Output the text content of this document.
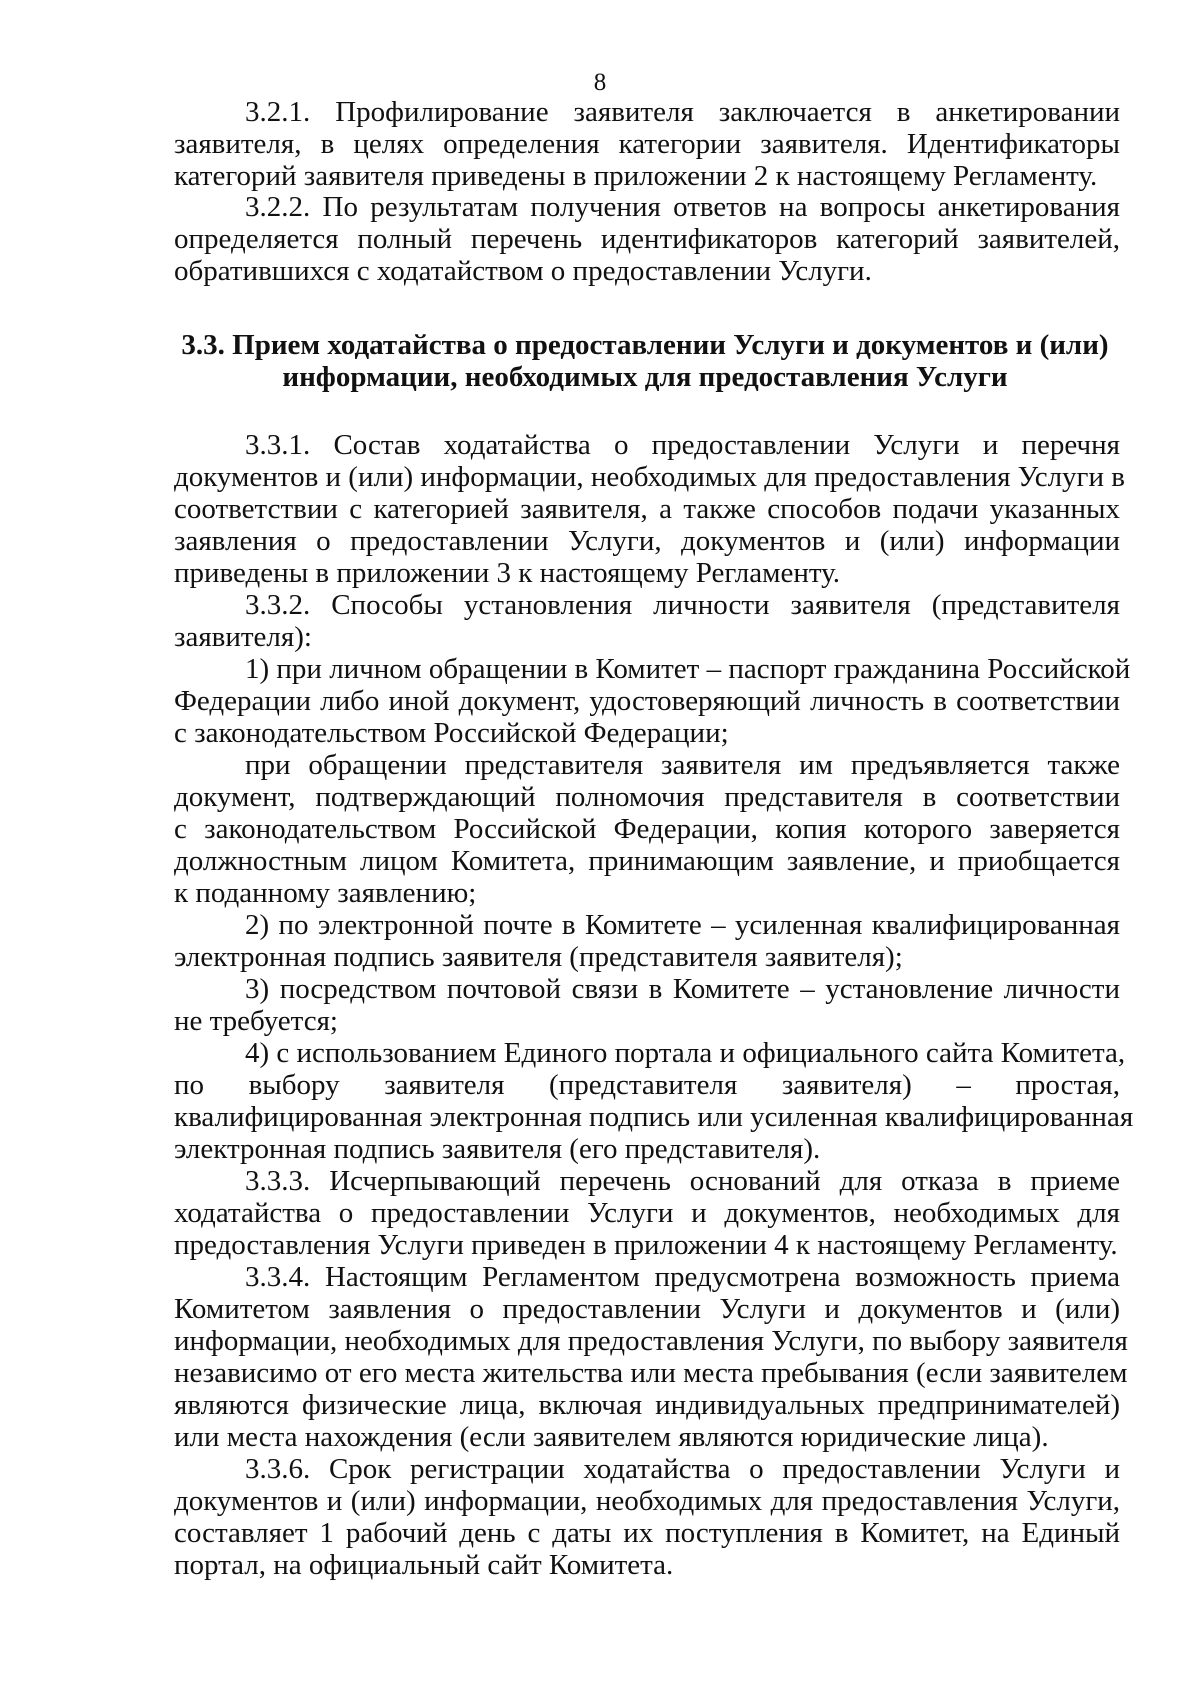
8
3.2.1. Профилирование заявителя заключается в анкетировании
заявителя, в целях определения категории заявителя. Идентификаторы
категорий заявителя приведены в приложении 2 к настоящему Регламенту.
3.2.2. По результатам получения ответов на вопросы анкетирования
определяется полный перечень идентификаторов категорий заявителей,
обратившихся с ходатайством о предоставлении Услуги.
3.3. Прием ходатайства о предоставлении Услуги и документов и (или)
информации, необходимых для предоставления Услуги
3.3.1. Состав ходатайства о предоставлении Услуги и перечня
документов и (или) информации, необходимых для предоставления Услуги в
соответствии с категорией заявителя, а также способов подачи указанных
заявления о предоставлении Услуги, документов и (или) информации
приведены в приложении 3 к настоящему Регламенту.
3.3.2. Способы установления личности заявителя (представителя
заявителя):
1) при личном обращении в Комитет – паспорт гражданина Российской
Федерации либо иной документ, удостоверяющий личность в соответствии
с законодательством Российской Федерации;
при обращении представителя заявителя им предъявляется также
документ, подтверждающий полномочия представителя в соответствии
с законодательством Российской Федерации, копия которого заверяется
должностным лицом Комитета, принимающим заявление, и приобщается
к поданному заявлению;
2) по электронной почте в Комитете – усиленная квалифицированная
электронная подпись заявителя (представителя заявителя);
3) посредством почтовой связи в Комитете – установление личности
не требуется;
4) с использованием Единого портала и официального сайта Комитета,
по выбору заявителя (представителя заявителя) – простая,
квалифицированная электронная подпись или усиленная квалифицированная
электронная подпись заявителя (его представителя).
3.3.3. Исчерпывающий перечень оснований для отказа в приеме
ходатайства о предоставлении Услуги и документов, необходимых для
предоставления Услуги приведен в приложении 4 к настоящему Регламенту.
3.3.4. Настоящим Регламентом предусмотрена возможность приема
Комитетом заявления о предоставлении Услуги и документов и (или)
информации, необходимых для предоставления Услуги, по выбору заявителя
независимо от его места жительства или места пребывания (если заявителем
являются физические лица, включая индивидуальных предпринимателей)
или места нахождения (если заявителем являются юридические лица).
3.3.6. Срок регистрации ходатайства о предоставлении Услуги и
документов и (или) информации, необходимых для предоставления Услуги,
составляет 1 рабочий день с даты их поступления в Комитет, на Единый
портал, на официальный сайт Комитета.
